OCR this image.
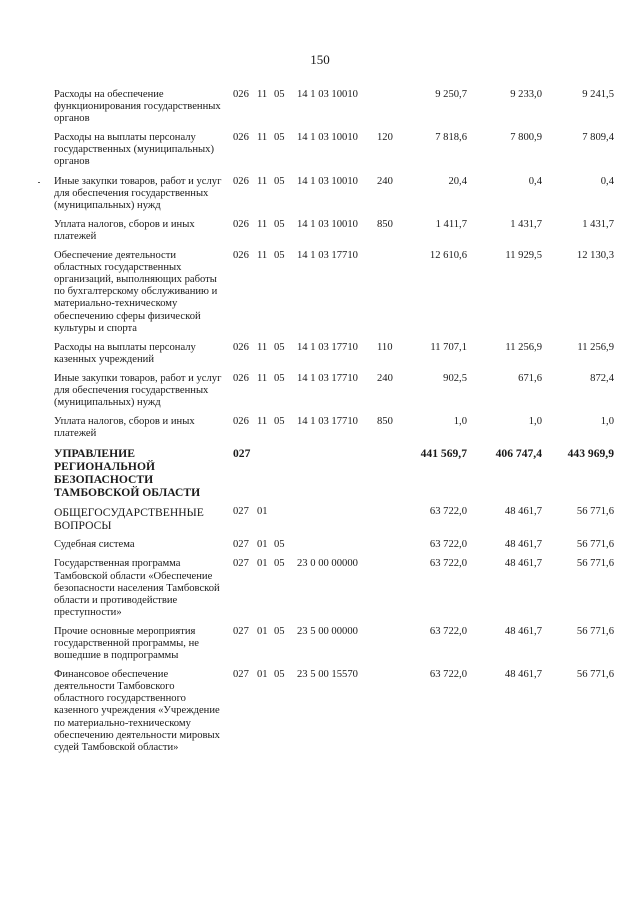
150
Расходы на обеспечение функционирования государственных органов
026 11 05 14 1 03 10010	9 250,7	9 233,0	9 241,5
Расходы на выплаты персоналу государственных (муниципальных) органов
026 11 05 14 1 03 10010 120	7 818,6	7 800,9	7 809,4
Иные закупки товаров, работ и услуг для обеспечения государственных (муниципальных) нужд
026 11 05 14 1 03 10010 240	20,4	0,4	0,4
Уплата налогов, сборов и иных платежей
026 11 05 14 1 03 10010 850	1 411,7	1 431,7	1 431,7
Обеспечение деятельности областных государственных организаций, выполняющих работы по бухгалтерскому обслуживанию и материально-техническому обеспечению сферы физической культуры и спорта
026 11 05 14 1 03 17710	12 610,6	11 929,5	12 130,3
Расходы на выплаты персоналу казенных учреждений
026 11 05 14 1 03 17710 110	11 707,1	11 256,9	11 256,9
Иные закупки товаров, работ и услуг для обеспечения государственных (муниципальных) нужд
026 11 05 14 1 03 17710 240	902,5	671,6	872,4
Уплата налогов, сборов и иных платежей
026 11 05 14 1 03 17710 850	1,0	1,0	1,0
УПРАВЛЕНИЕ РЕГИОНАЛЬНОЙ БЕЗОПАСНОСТИ ТАМБОВСКОЙ ОБЛАСТИ
027	441 569,7 406 747,4 443 969,9
ОБЩЕГОСУДАРСТВЕННЫЕ ВОПРОСЫ
027 01	63 722,0	48 461,7	56 771,6
Судебная система	027 01 05	63 722,0	48 461,7	56 771,6
Государственная программа Тамбовской области «Обеспечение безопасности населения Тамбовской области и противодействие преступности»
027 01 05 23 0 00 00000	63 722,0	48 461,7	56 771,6
Прочие основные мероприятия государственной программы, не вошедшие в подпрограммы
027 01 05 23 5 00 00000	63 722,0	48 461,7	56 771,6
Финансовое обеспечение деятельности Тамбовского областного государственного казенного учреждения «Учреждение по материально-техническому обеспечению деятельности мировых судей Тамбовской области»
027 01 05 23 5 00 15570	63 722,0	48 461,7	56 771,6
